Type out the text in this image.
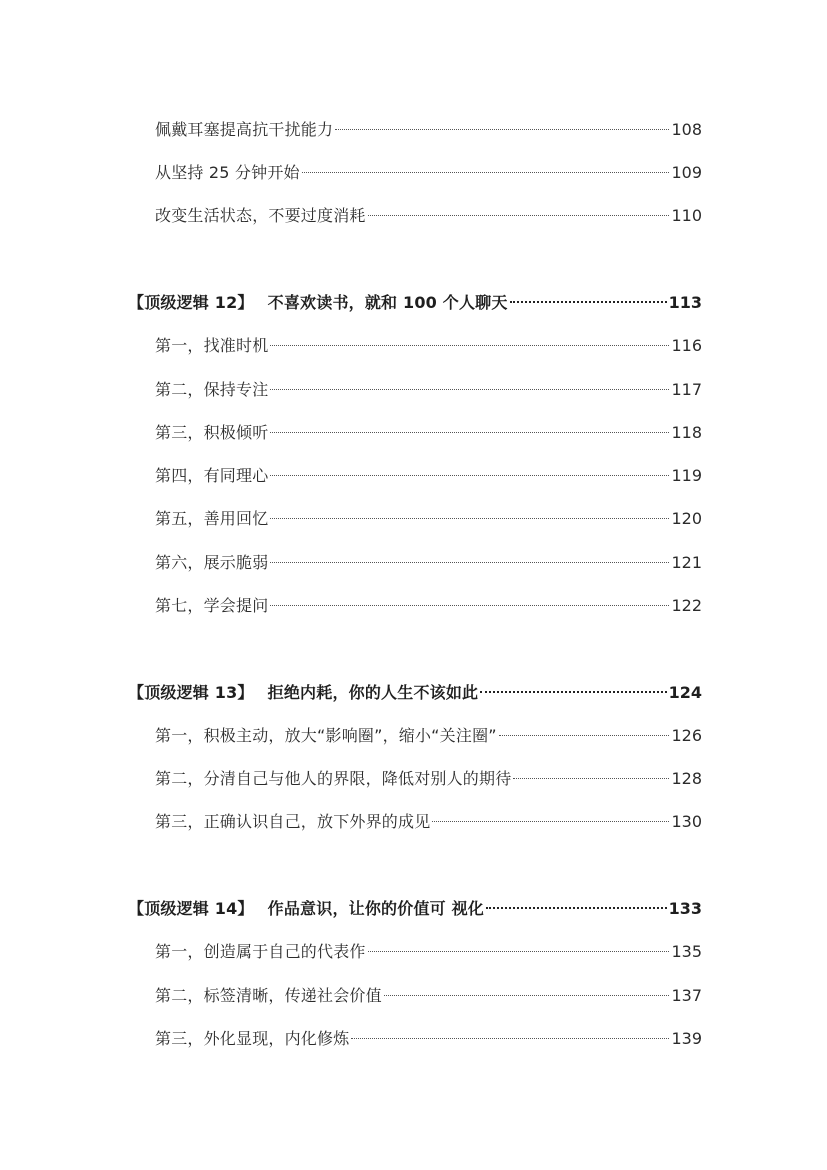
佩戴耳塞提高抗干扰能力	108
从坚持 25 分钟开始	109
改变生活状态，不要过度消耗	110
【顶级逻辑 12】 不喜欢读书，就和 100 个人聊天	113
第一，找准时机	116
第二，保持专注	117
第三，积极倾听	118
第四，有同理心	119
第五，善用回忆	120
第六，展示脆弱	121
第七，学会提问	122
【顶级逻辑 13】 拒绝内耗，你的人生不该如此	124
第一，积极主动，放大“影响圈”，缩小“关注圈”	126
第二，分清自己与他人的界限，降低对别人的期待	128
第三，正确认识自己，放下外界的成见	130
【顶级逻辑 14】 作品意识，让你的价值可 视化	133
第一，创造属于自己的代表作	135
第二，标签清晰，传递社会价值	137
第三，外化显现，内化修炼	139
